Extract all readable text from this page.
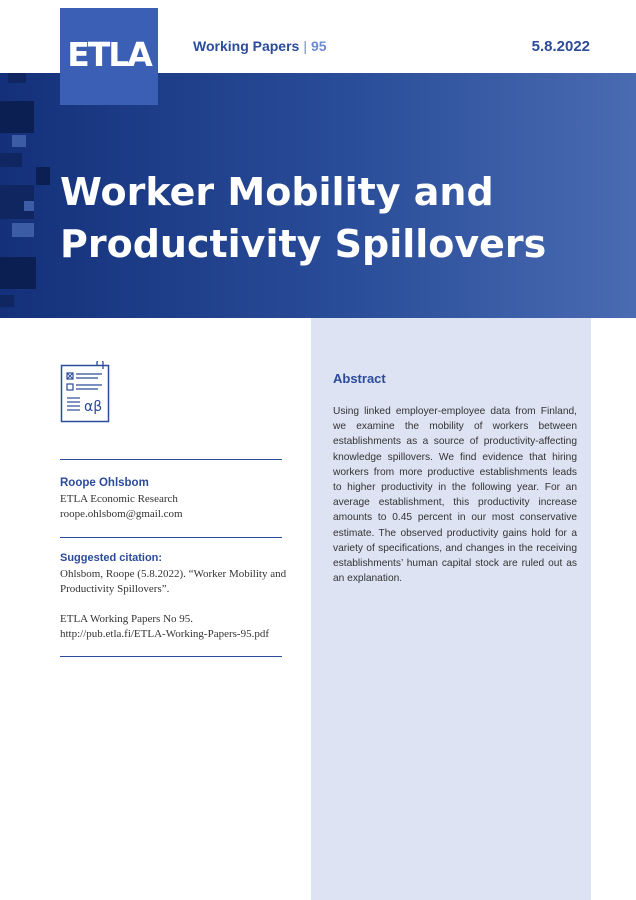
Working Papers | 95	5.8.2022
ETLA
Worker Mobility and
Productivity Spillovers
Abstract
Using linked employer-employee data from Finland, we examine the mobility of workers between establishments as a source of productivity-affecting knowledge spillovers. We find evidence that hiring workers from more productive establishments leads to higher productivity in the following year. For an average establishment, this productivity increase amounts to 0.45 percent in our most conservative estimate. The observed productivity gains hold for a variety of specifications, and changes in the receiving establishments’ human capital stock are ruled out as an explanation.
αβ
Roope Ohlsbom
ETLA Economic Research
roope.ohlsbom@gmail.com
Suggested citation:
Ohlsbom, Roope (5.8.2022). “Worker Mobility and
Productivity Spillovers”.
ETLA Working Papers No 95.
http://pub.etla.fi/ETLA-Working-Papers-95.pdf
